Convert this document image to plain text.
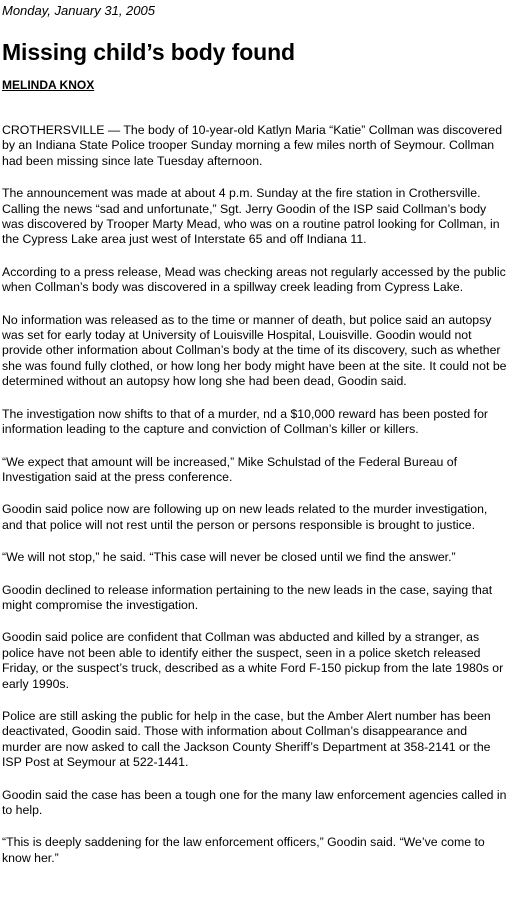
Monday, January 31, 2005

Missing child’s body found

MELINDA KNOX

CROTHERSVILLE — The body of 10-year-old Katlyn Maria “Katie” Collman was discovered by an Indiana State Police trooper Sunday morning a few miles north of Seymour. Collman had been missing since late Tuesday afternoon.

The announcement was made at about 4 p.m. Sunday at the fire station in Crothersville. Calling the news “sad and unfortunate,” Sgt. Jerry Goodin of the ISP said Collman’s body was discovered by Trooper Marty Mead, who was on a routine patrol looking for Collman, in the Cypress Lake area just west of Interstate 65 and off Indiana 11.

According to a press release, Mead was checking areas not regularly accessed by the public when Collman’s body was discovered in a spillway creek leading from Cypress Lake.

No information was released as to the time or manner of death, but police said an autopsy was set for early today at University of Louisville Hospital, Louisville. Goodin would not provide other information about Collman’s body at the time of its discovery, such as whether she was found fully clothed, or how long her body might have been at the site. It could not be determined without an autopsy how long she had been dead, Goodin said.

The investigation now shifts to that of a murder, nd a $10,000 reward has been posted for information leading to the capture and conviction of Collman’s killer or killers.

“We expect that amount will be increased,” Mike Schulstad of the Federal Bureau of Investigation said at the press conference.

Goodin said police now are following up on new leads related to the murder investigation, and that police will not rest until the person or persons responsible is brought to justice.

“We will not stop,” he said. “This case will never be closed until we find the answer.”

Goodin declined to release information pertaining to the new leads in the case, saying that might compromise the investigation.

Goodin said police are confident that Collman was abducted and killed by a stranger, as police have not been able to identify either the suspect, seen in a police sketch released Friday, or the suspect’s truck, described as a white Ford F-150 pickup from the late 1980s or early 1990s.

Police are still asking the public for help in the case, but the Amber Alert number has been deactivated, Goodin said. Those with information about Collman’s disappearance and murder are now asked to call the Jackson County Sheriff’s Department at 358-2141 or the ISP Post at Seymour at 522-1441.

Goodin said the case has been a tough one for the many law enforcement agencies called in to help.

“This is deeply saddening for the law enforcement officers,” Goodin said. “We’ve come to know her.”
